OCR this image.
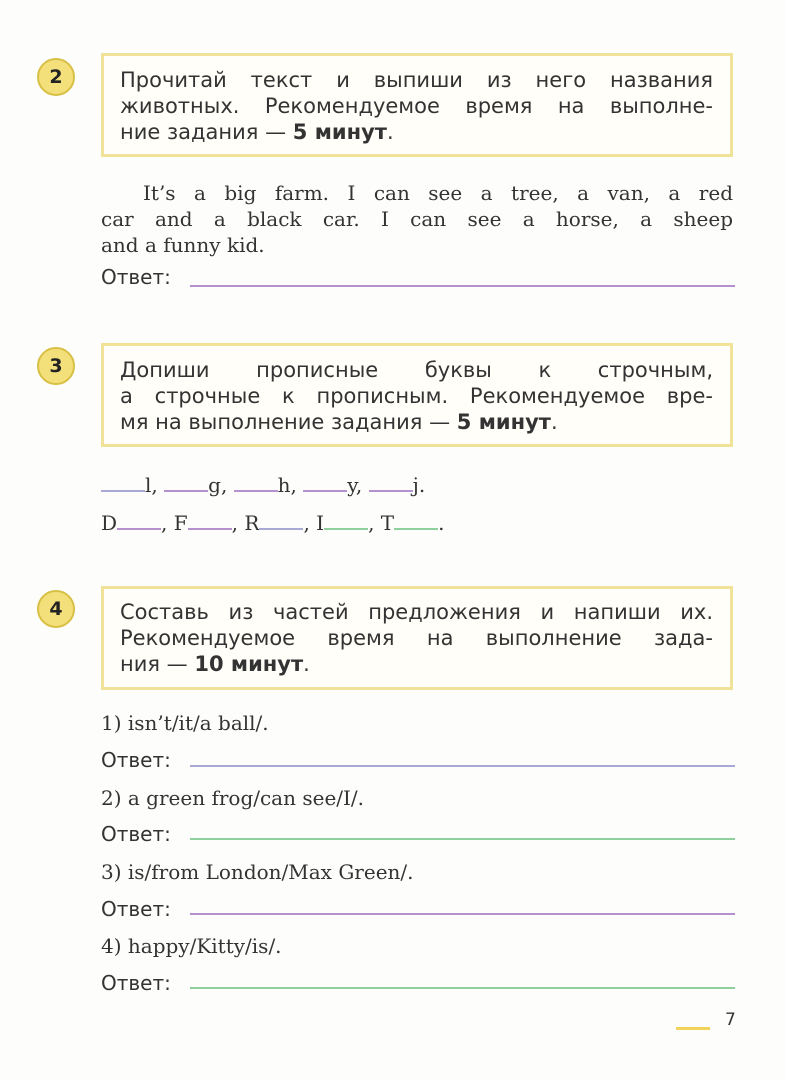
2	Прочитай текст и выпиши из него названия
животных. Рекомендуемое время на выполне-
ние задания — 5 минут.
It’s a big farm. I can see a tree, a van, a red
car and a black car. I can see a horse, a sheep
and a funny kid.
Ответ:
3	Допиши прописные буквы к строчным,
а строчные к прописным. Рекомендуемое вре-
мя на выполнение задания — 5 минут.
l, g, h, y, j.
D , F , R , I , T .
4	Составь из частей предложения и напиши их.
Рекомендуемое время на выполнение зада-
ния — 10 минут.
1) isn’t/it/a ball/.
Ответ:
2) a green frog/can see/I/.
Ответ:
3) is/from London/Max Green/.
Ответ:
4) happy/Kitty/is/.
Ответ:
7
